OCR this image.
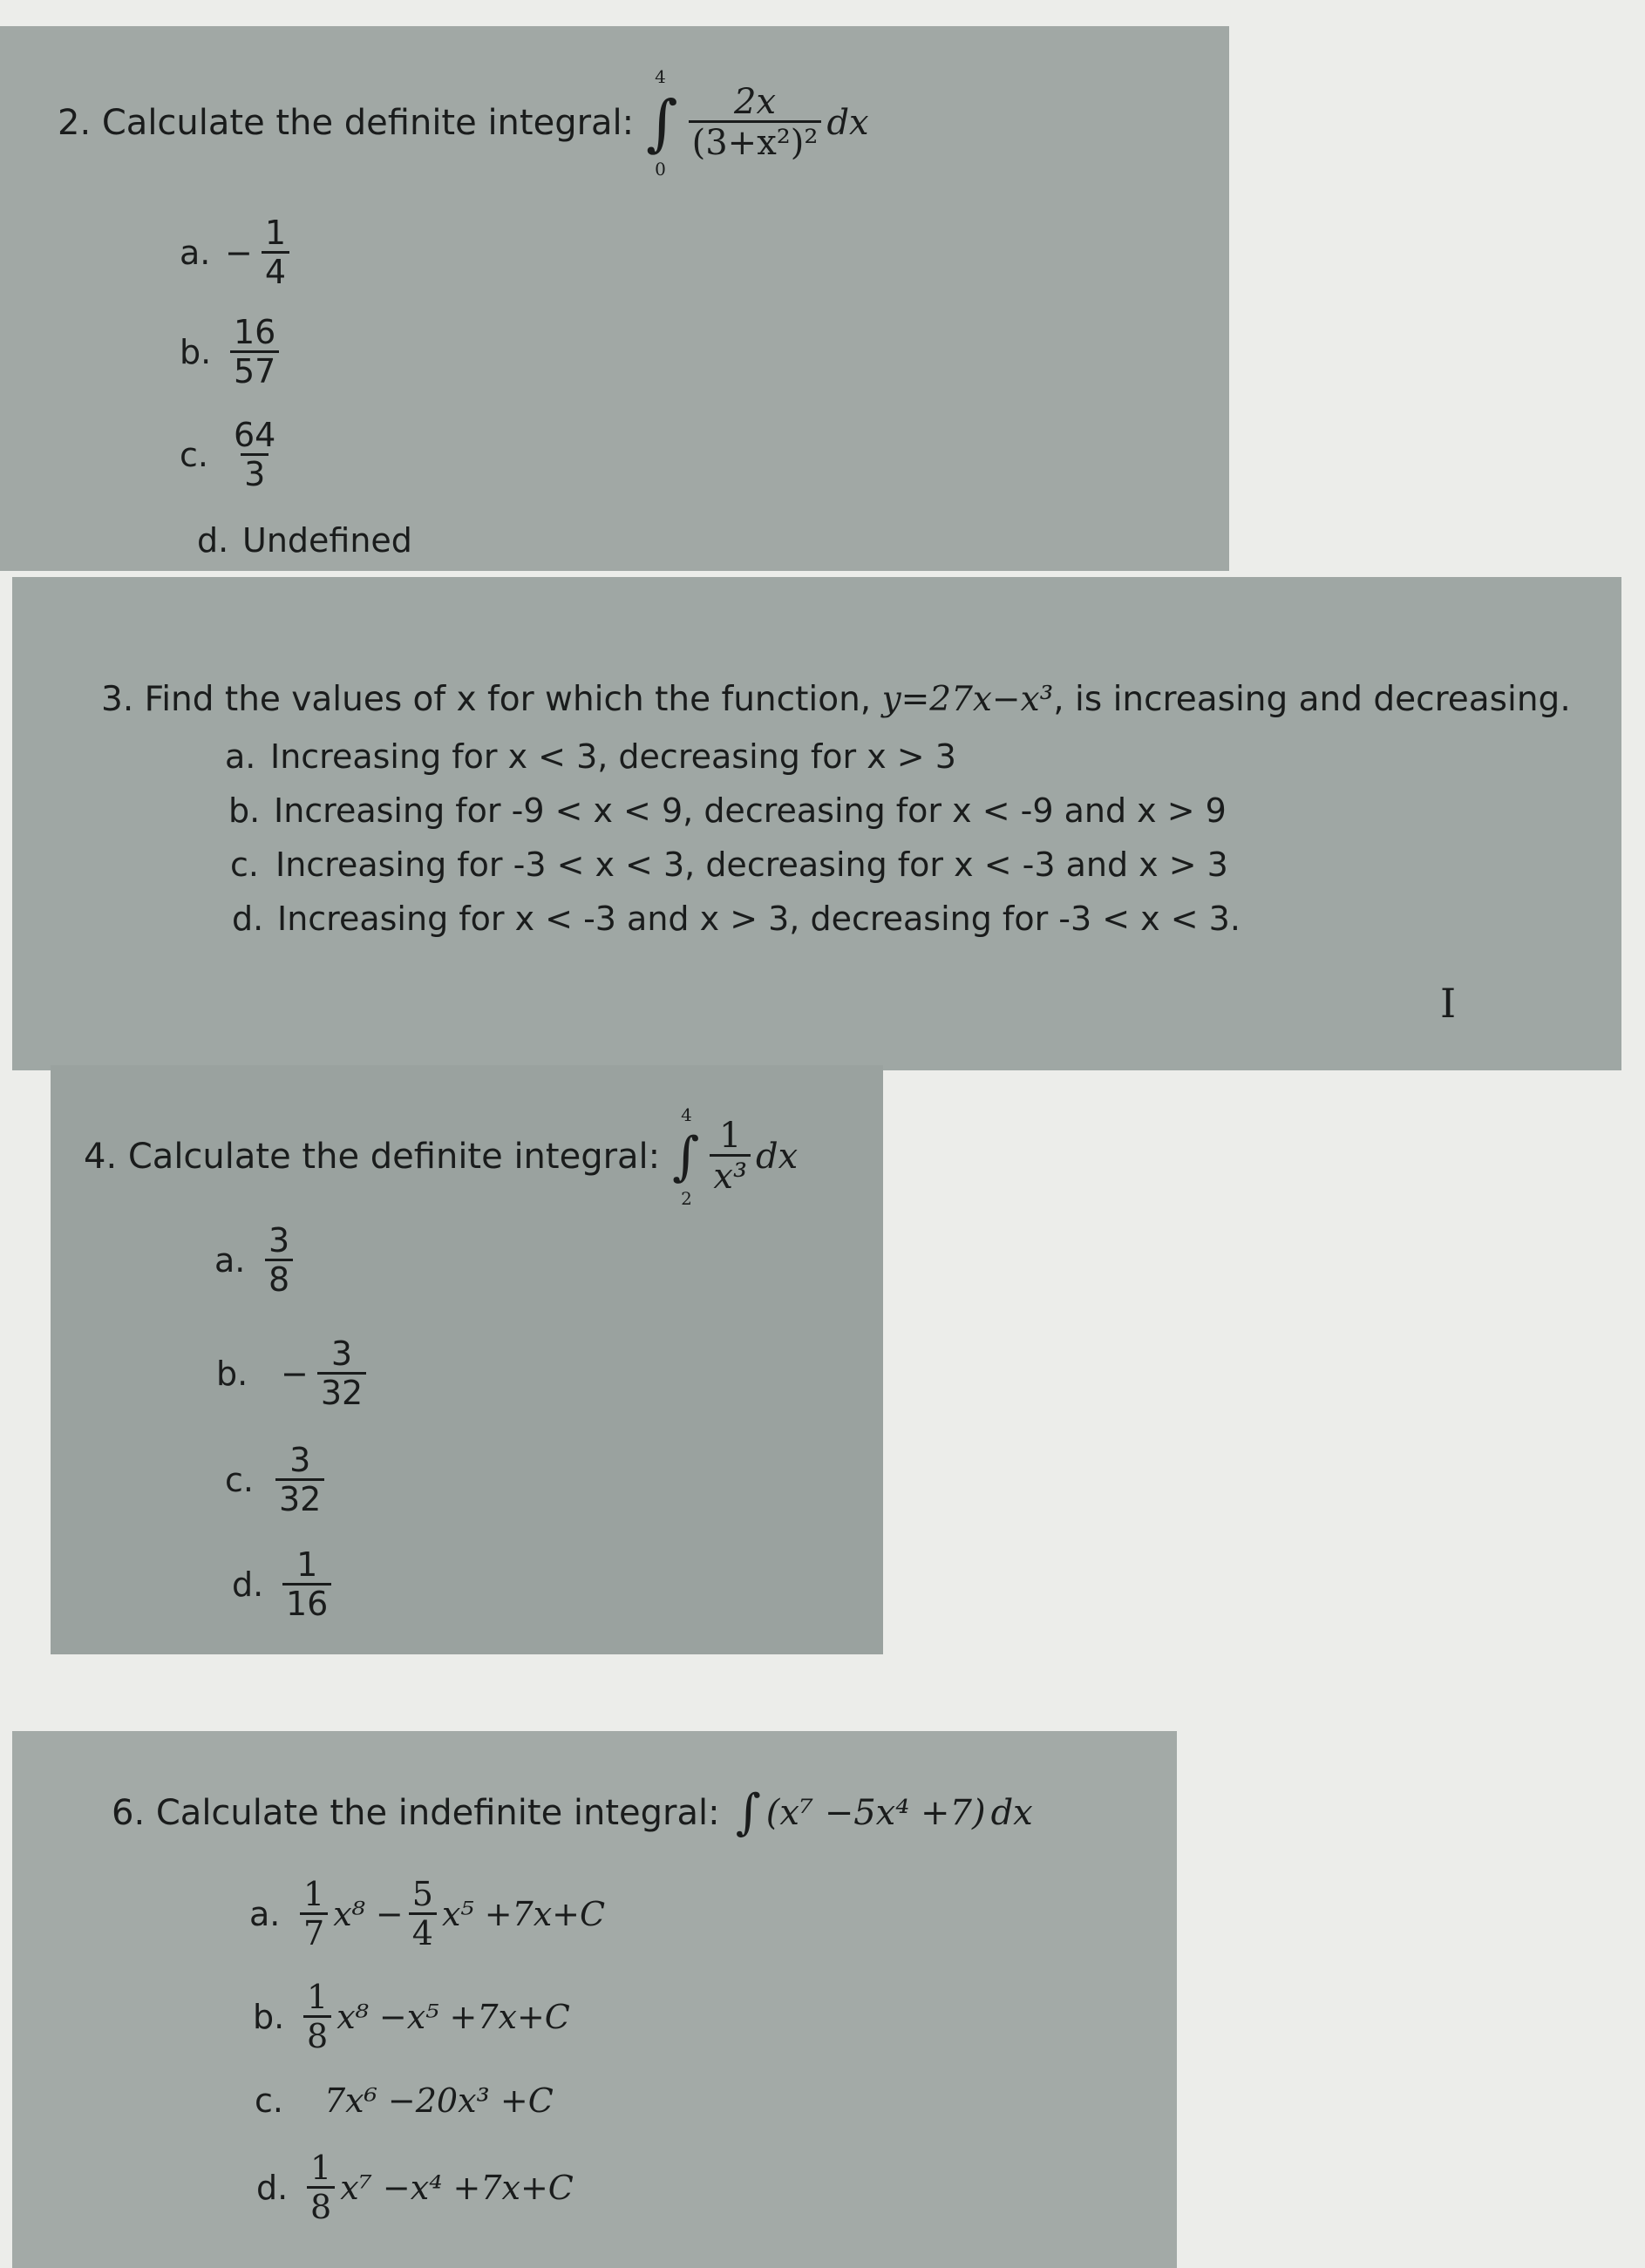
2. Calculate the definite integral: ∫
4
0
$\frac{2x}{\text{(3+x²)²}}$ dx
a. − $\frac{1}{4}$
b. $\frac{16}{57}$
c. $\frac{64}{3}$
d. Undefined
3. Find the values of x for which the function, y=27x−x³ , is increasing and decreasing.
a. Increasing for x < 3, decreasing for x > 3
b. Increasing for -9 < x < 9, decreasing for x < -9 and x > 9
c. Increasing for -3 < x < 3, decreasing for x < -3 and x > 3
d. Increasing for x < -3 and x > 3, decreasing for -3 < x < 3.
4. Calculate the definite integral: ∫
4
2
$\frac{1}{\text{x³}}$ dx
a. $\frac{3}{8}$
b. − $\frac{3}{32}$
c. $\frac{3}{32}$
d. $\frac{1}{16}$
6. Calculate the indefinite integral: ∫ (x⁷ −5x⁴ +7) dx
a. $\frac{1}{7} x^8 - \frac{5}{4} x^5 +7x+C$
b. $\frac{1}{8} x^8 -x^5 +7x+C$
c.	7x⁶ −20x³ +C
d. $\frac{1}{8} x^7 -x^4 +7x+C$
I
